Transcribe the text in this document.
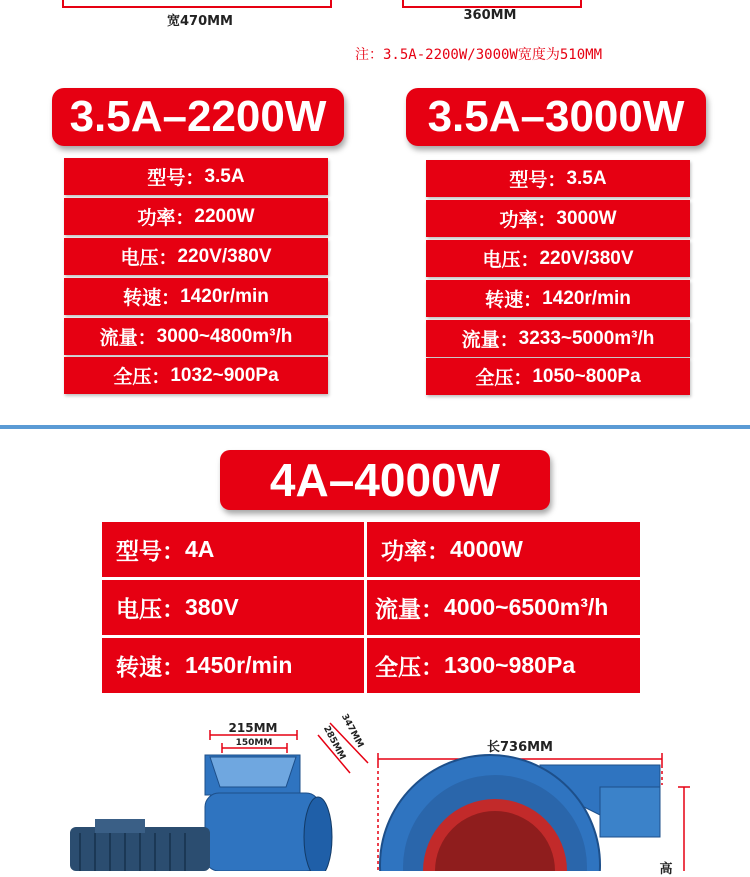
宽470MM	360MM
注：3.5A-2200W/3000W宽度为510MM
3.5A–2200W
型号： 3.5A
功率： 2200W
电压： 220V/380V
转速： 1420r/min
流量： 3000~4800m³/h
全压： 1032~900Pa
3.5A–3000W
型号： 3.5A
功率： 3000W
电压： 220V/380V
转速： 1420r/min
流量： 3233~5000m³/h
全压： 1050~800Pa
4A–4000W
型号： 4A	功率： 4000W
电压： 380V	流量： 4000~6500m³/h
转速： 1450r/min	全压： 1300~980Pa
215MM
150MM	347MM
285MM	长736MM
高
